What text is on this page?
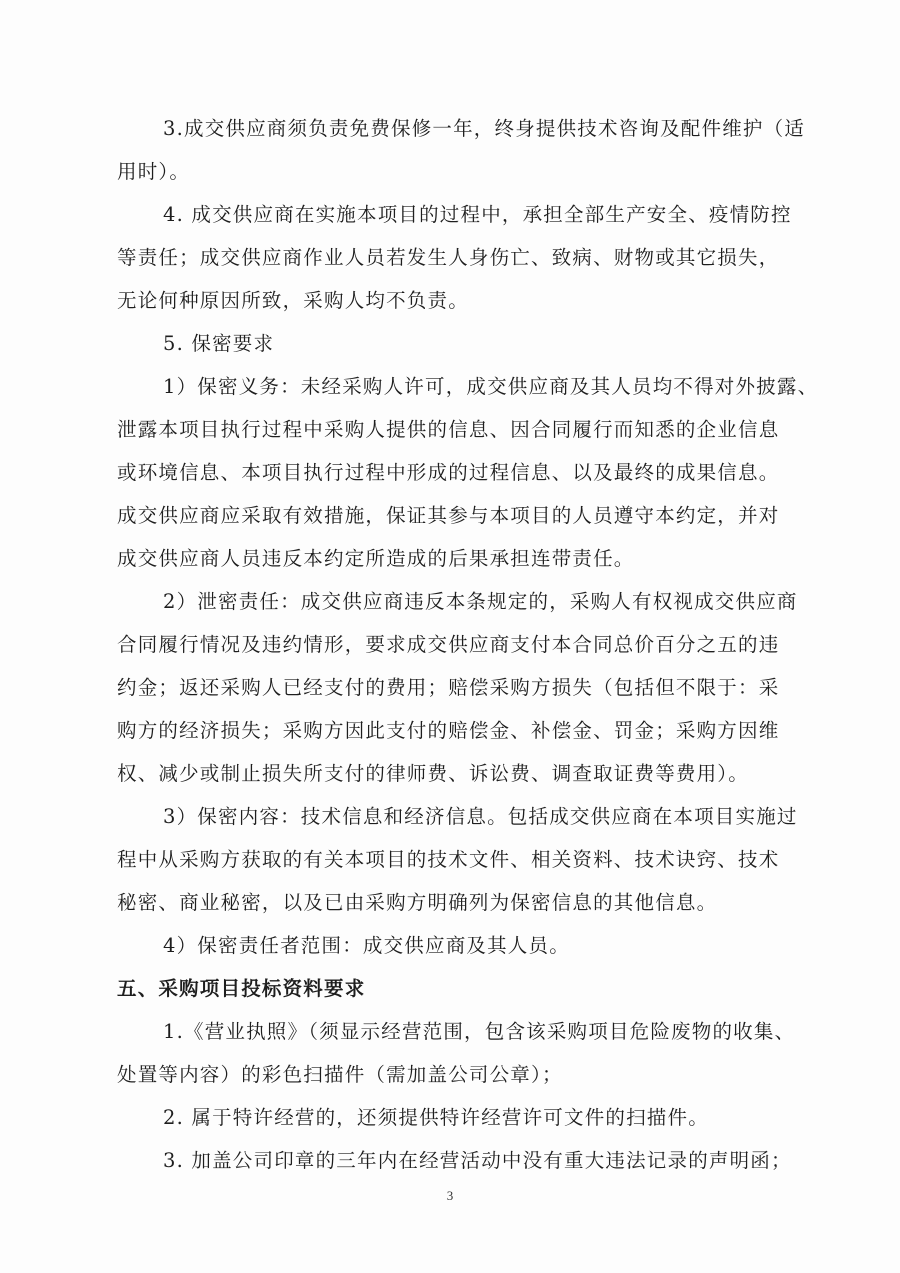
3.成交供应商须负责免费保修一年，终身提供技术咨询及配件维护（适
用时）。
4. 成交供应商在实施本项目的过程中，承担全部生产安全、疫情防控
等责任；成交供应商作业人员若发生人身伤亡、致病、财物或其它损失，
无论何种原因所致，采购人均不负责。
5. 保密要求
1）保密义务：未经采购人许可，成交供应商及其人员均不得对外披露、
泄露本项目执行过程中采购人提供的信息、因合同履行而知悉的企业信息
或环境信息、本项目执行过程中形成的过程信息、以及最终的成果信息。
成交供应商应采取有效措施，保证其参与本项目的人员遵守本约定，并对
成交供应商人员违反本约定所造成的后果承担连带责任。
2）泄密责任：成交供应商违反本条规定的，采购人有权视成交供应商
合同履行情况及违约情形，要求成交供应商支付本合同总价百分之五的违
约金；返还采购人已经支付的费用；赔偿采购方损失（包括但不限于：采
购方的经济损失；采购方因此支付的赔偿金、补偿金、罚金；采购方因维
权、减少或制止损失所支付的律师费、诉讼费、调查取证费等费用）。
3）保密内容：技术信息和经济信息。包括成交供应商在本项目实施过
程中从采购方获取的有关本项目的技术文件、相关资料、技术诀窍、技术
秘密、商业秘密，以及已由采购方明确列为保密信息的其他信息。
4）保密责任者范围：成交供应商及其人员。
五、采购项目投标资料要求
1.《营业执照》（须显示经营范围，包含该采购项目危险废物的收集、
处置等内容）的彩色扫描件（需加盖公司公章）；
2. 属于特许经营的，还须提供特许经营许可文件的扫描件。
3. 加盖公司印章的三年内在经营活动中没有重大违法记录的声明函；
3
